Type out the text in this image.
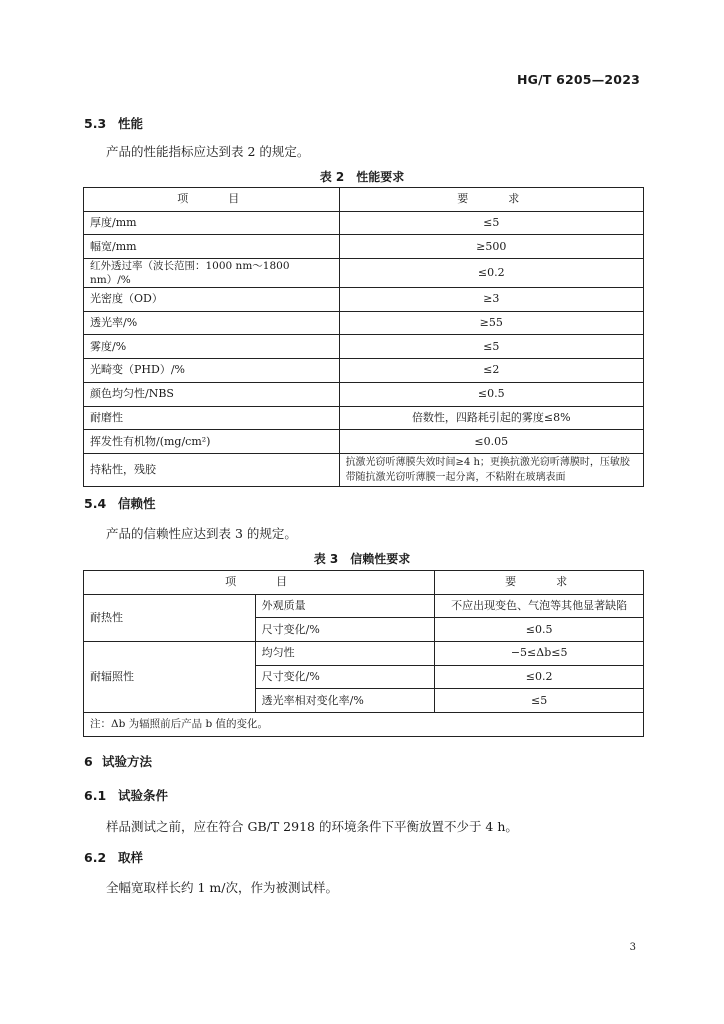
HG/T 6205—2023
5.3 性能
产品的性能指标应达到表 2 的规定。
表 2　性能要求
项　　目	要　　求
厚度/mm	≤5
幅宽/mm	≥500
红外透过率（波长范围：1000 nm～1800 nm）/%	≤0.2
光密度（OD）	≥3
透光率/%	≥55
雾度/%	≤5
光畸变（PHD）/%	≤2
颜色均匀性/NBS	≤0.5
耐磨性	倍数性，四路耗引起的雾度≤8%
挥发性有机物/(mg/cm²)	≤0.05
持粘性，残胶	抗激光窃听薄膜失效时间≥4 h；更换抗激光窃听薄膜时，压敏胶带随抗激光窃听薄膜一起分离，不粘附在玻璃表面
5.4 信赖性
产品的信赖性应达到表 3 的规定。
表 3　信赖性要求
项　　目		要　　求
耐热性	外观质量	不应出现变色、气泡等其他显著缺陷
	尺寸变化/%	≤0.5
耐辐照性	均匀性	−5≤Δb≤5
	尺寸变化/%	≤0.2
	透光率相对变化率/%	≤5
注：Δb 为辐照前后产品 b 值的变化。		
6 试验方法
6.1 试验条件
样品测试之前，应在符合 GB/T 2918 的环境条件下平衡放置不少于 4 h。
6.2 取样
全幅宽取样长约 1 m/次，作为被测试样。
3
